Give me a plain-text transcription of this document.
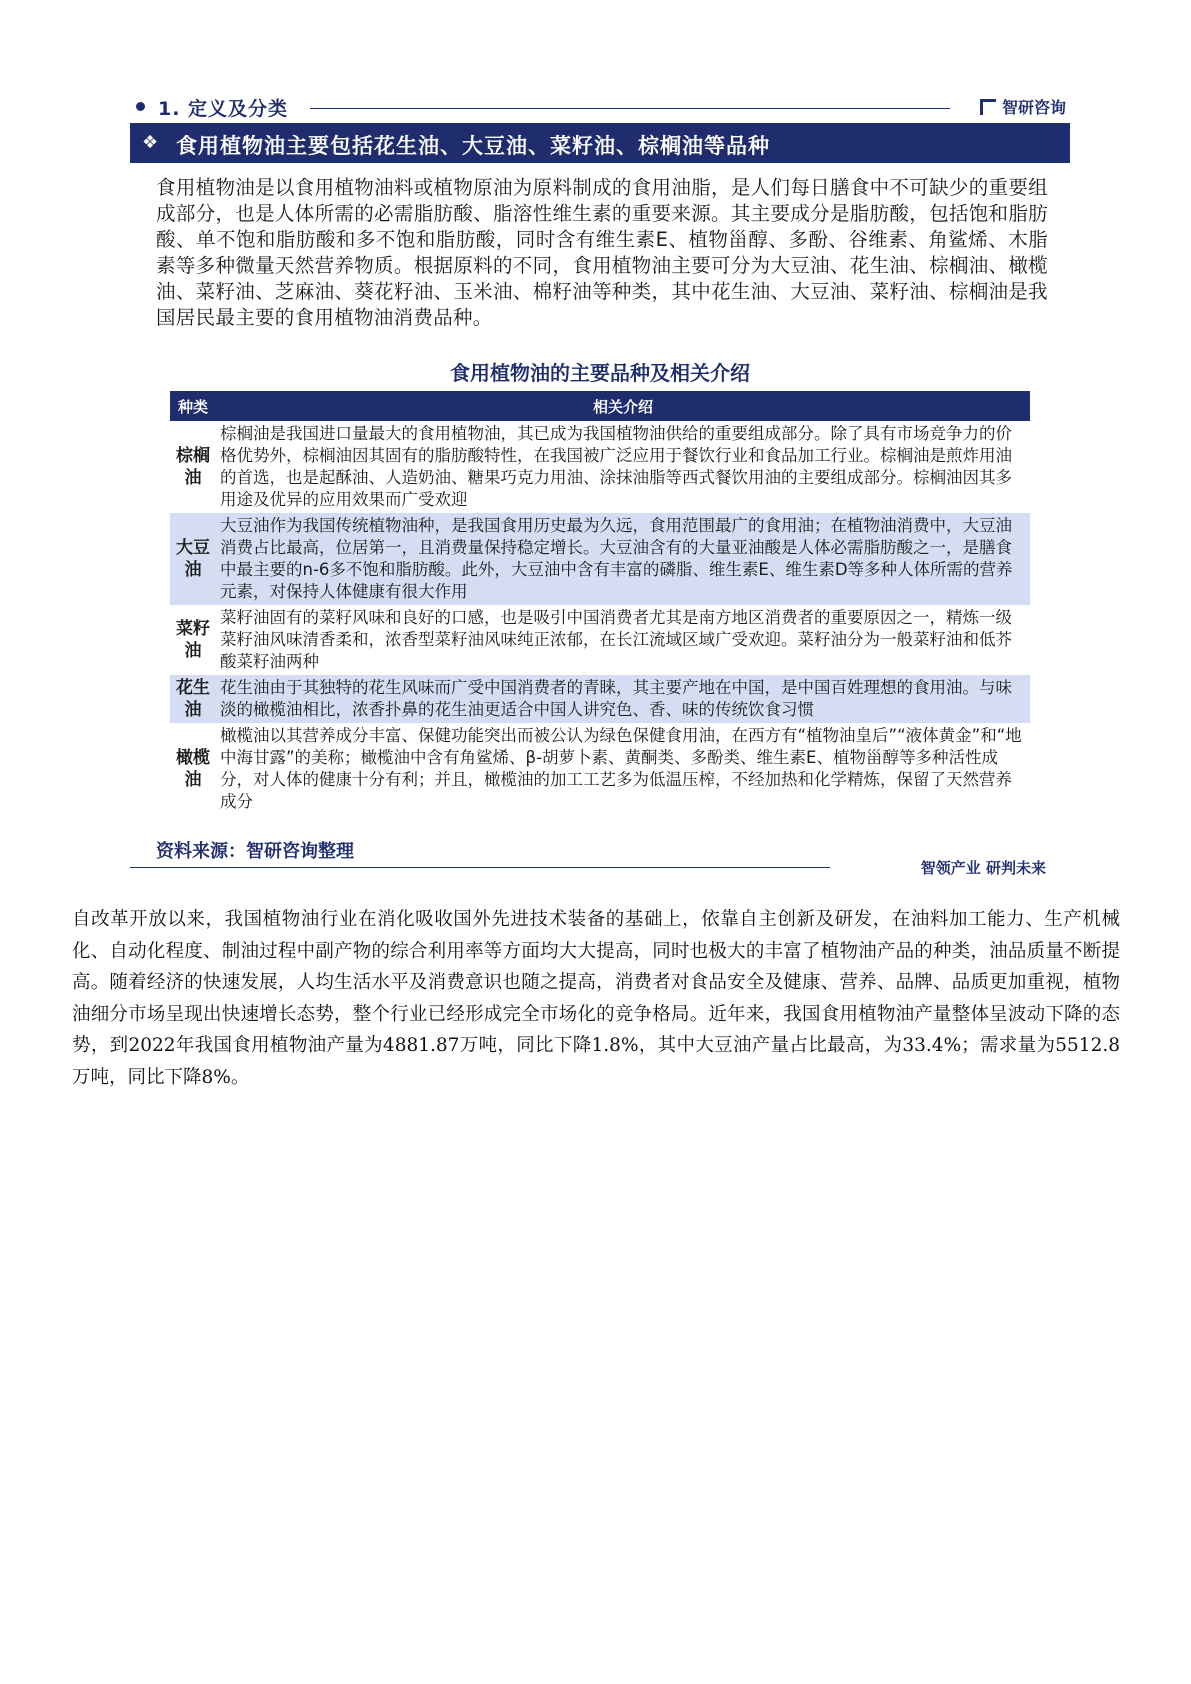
1. 定义及分类	智研咨询
❖ 食用植物油主要包括花生油、大豆油、菜籽油、棕榈油等品种
食用植物油是以食用植物油料或植物原油为原料制成的食用油脂，是人们每日膳食中不可缺少的重要组成部分，也是人体所需的必需脂肪酸、脂溶性维生素的重要来源。其主要成分是脂肪酸，包括饱和脂肪酸、单不饱和脂肪酸和多不饱和脂肪酸，同时含有维生素E、植物甾醇、多酚、谷维素、角鲨烯、木脂素等多种微量天然营养物质。根据原料的不同，食用植物油主要可分为大豆油、花生油、棕榈油、橄榄油、菜籽油、芝麻油、葵花籽油、玉米油、棉籽油等种类，其中花生油、大豆油、菜籽油、棕榈油是我国居民最主要的食用植物油消费品种。
食用植物油的主要品种及相关介绍
种类	相关介绍
棕榈油	棕榈油是我国进口量最大的食用植物油，其已成为我国植物油供给的重要组成部分。除了具有市场竞争力的价格优势外，棕榈油因其固有的脂肪酸特性，在我国被广泛应用于餐饮行业和食品加工行业。棕榈油是煎炸用油的首选，也是起酥油、人造奶油、糖果巧克力用油、涂抹油脂等西式餐饮用油的主要组成部分。棕榈油因其多用途及优异的应用效果而广受欢迎
大豆油	大豆油作为我国传统植物油种，是我国食用历史最为久远，食用范围最广的食用油；在植物油消费中，大豆油消费占比最高，位居第一，且消费量保持稳定增长。大豆油含有的大量亚油酸是人体必需脂肪酸之一，是膳食中最主要的n-6多不饱和脂肪酸。此外，大豆油中含有丰富的磷脂、维生素E、维生素D等多种人体所需的营养元素，对保持人体健康有很大作用
菜籽油	菜籽油固有的菜籽风味和良好的口感，也是吸引中国消费者尤其是南方地区消费者的重要原因之一，精炼一级菜籽油风味清香柔和，浓香型菜籽油风味纯正浓郁，在长江流域区域广受欢迎。菜籽油分为一般菜籽油和低芥酸菜籽油两种
花生油	花生油由于其独特的花生风味而广受中国消费者的青睐，其主要产地在中国，是中国百姓理想的食用油。与味淡的橄榄油相比，浓香扑鼻的花生油更适合中国人讲究色、香、味的传统饮食习惯
橄榄油	橄榄油以其营养成分丰富、保健功能突出而被公认为绿色保健食用油，在西方有“植物油皇后”“液体黄金”和“地中海甘露”的美称；橄榄油中含有角鲨烯、β-胡萝卜素、黄酮类、多酚类、维生素E、植物甾醇等多种活性成分，对人体的健康十分有利；并且，橄榄油的加工工艺多为低温压榨，不经加热和化学精炼，保留了天然营养成分
资料来源：智研咨询整理
智领产业 研判未来
自改革开放以来，我国植物油行业在消化吸收国外先进技术装备的基础上，依靠自主创新及研发，在油料加工能力、生产机械化、自动化程度、制油过程中副产物的综合利用率等方面均大大提高，同时也极大的丰富了植物油产品的种类，油品质量不断提高。随着经济的快速发展，人均生活水平及消费意识也随之提高，消费者对食品安全及健康、营养、品牌、品质更加重视，植物油细分市场呈现出快速增长态势，整个行业已经形成完全市场化的竞争格局。近年来，我国食用植物油产量整体呈波动下降的态势，到2022年我国食用植物油产量为4881.87万吨，同比下降1.8%，其中大豆油产量占比最高，为33.4%；需求量为5512.8万吨，同比下降8%。
